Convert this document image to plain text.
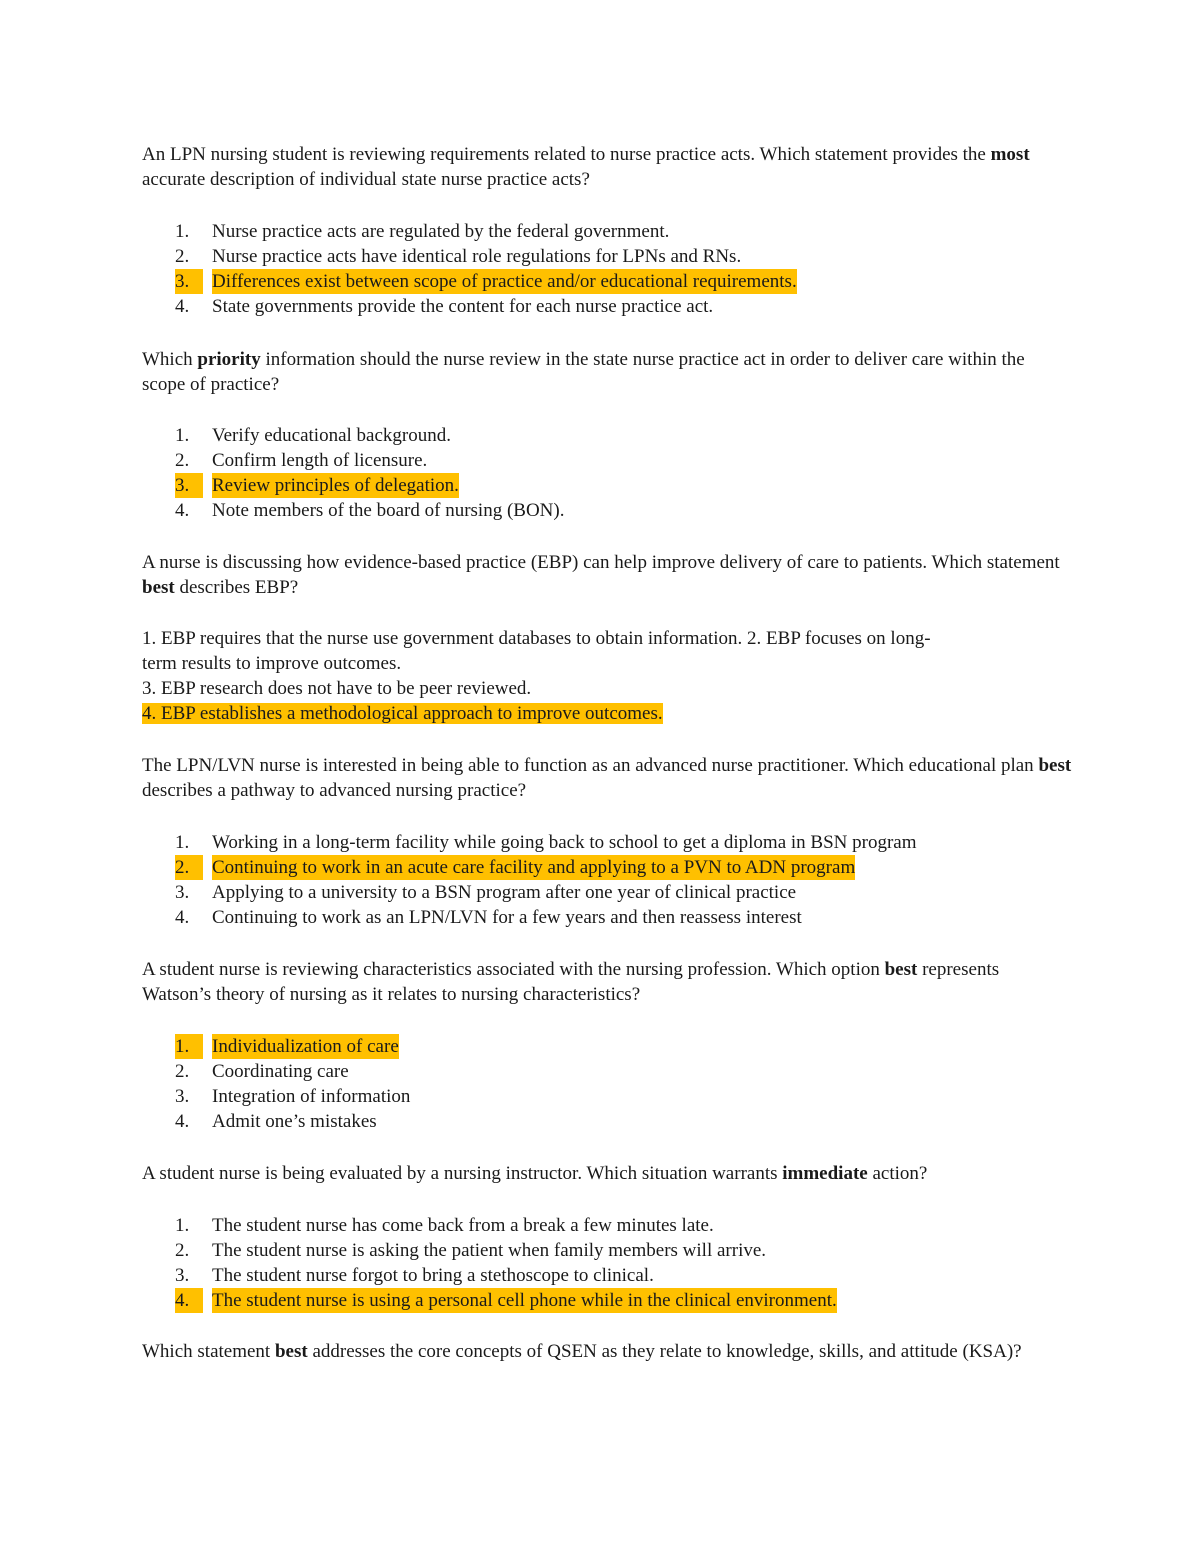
An LPN nursing student is reviewing requirements related to nurse practice acts. Which statement provides the most accurate description of individual state nurse practice acts?
1. Nurse practice acts are regulated by the federal government.
2. Nurse practice acts have identical role regulations for LPNs and RNs.
3.	Differences exist between scope of practice and/or educational requirements.
4. State governments provide the content for each nurse practice act.
Which priority information should the nurse review in the state nurse practice act in order to deliver care within the scope of practice?
1. Verify educational background.
2. Confirm length of licensure.
3.	Review principles of delegation.
4. Note members of the board of nursing (BON).
A nurse is discussing how evidence-based practice (EBP) can help improve delivery of care to patients. Which statement best describes EBP?
1. EBP requires that the nurse use government databases to obtain information. 2. EBP focuses on long-
term results to improve outcomes.
3. EBP research does not have to be peer reviewed.
4. EBP establishes a methodological approach to improve outcomes.
The LPN/LVN nurse is interested in being able to function as an advanced nurse practitioner. Which educational plan best describes a pathway to advanced nursing practice?
1. Working in a long-term facility while going back to school to get a diploma in BSN program
2.	Continuing to work in an acute care facility and applying to a PVN to ADN program
3. Applying to a university to a BSN program after one year of clinical practice
4. Continuing to work as an LPN/LVN for a few years and then reassess interest
A student nurse is reviewing characteristics associated with the nursing profession. Which option best represents Watson’s theory of nursing as it relates to nursing characteristics?
1.	Individualization of care
2. Coordinating care
3. Integration of information
4. Admit one’s mistakes
A student nurse is being evaluated by a nursing instructor. Which situation warrants immediate action?
1. The student nurse has come back from a break a few minutes late.
2. The student nurse is asking the patient when family members will arrive.
3. The student nurse forgot to bring a stethoscope to clinical.
4.	The student nurse is using a personal cell phone while in the clinical environment.
Which statement best addresses the core concepts of QSEN as they relate to knowledge, skills, and attitude (KSA)?
